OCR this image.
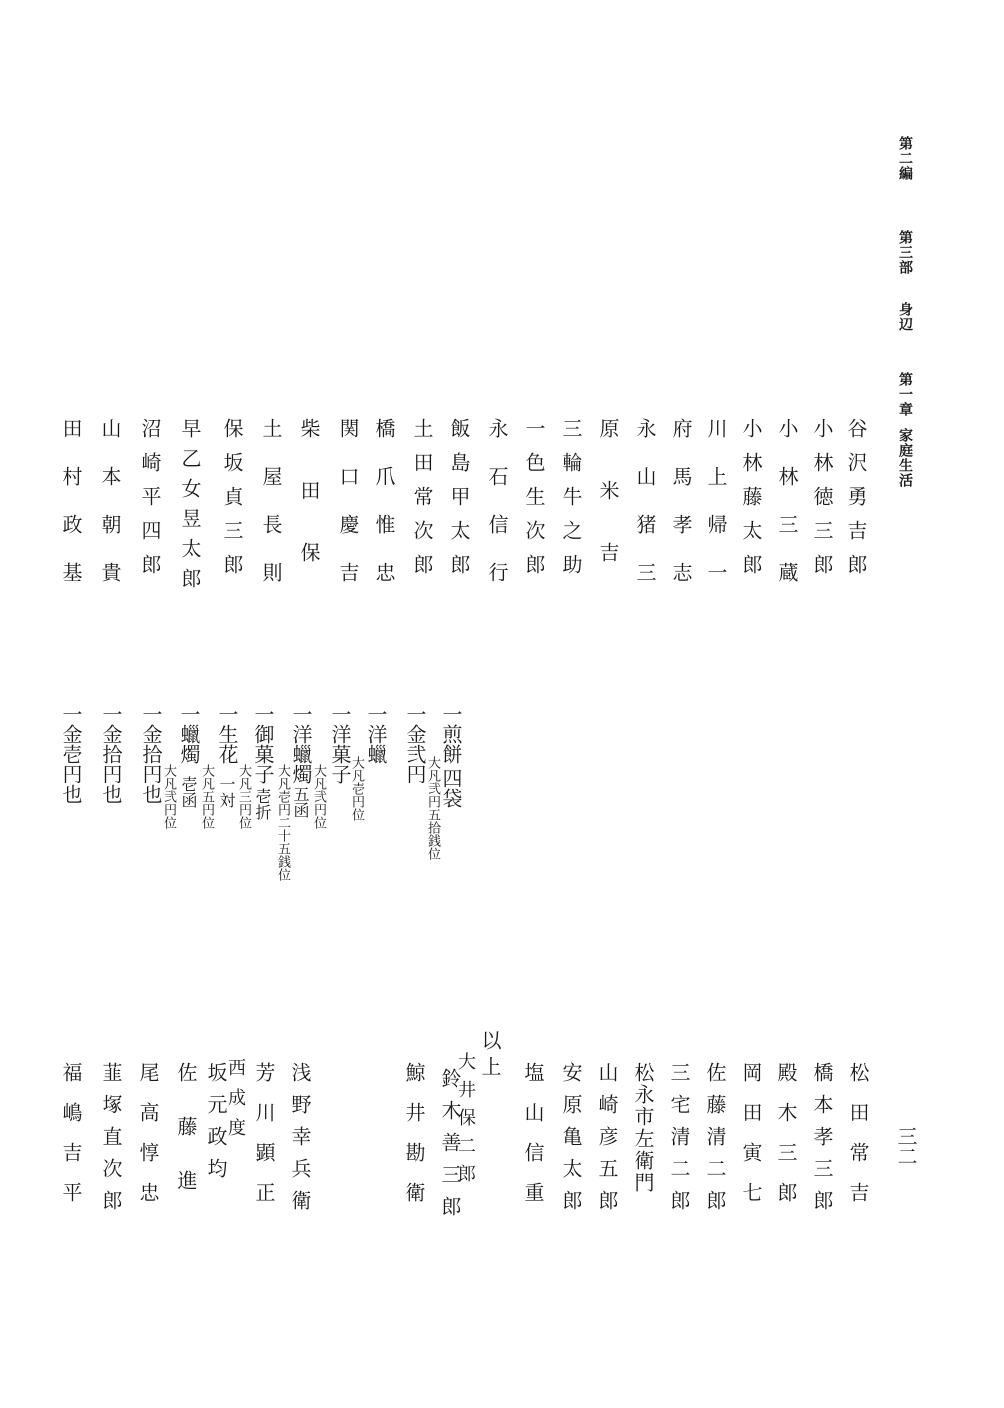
第二編
第三部
身辺
第一章
家庭生活
三二
谷沢勇吉郎
小林徳三郎
小林三蔵
小林藤太郎
川上帰一
府馬孝志
永山猪三
原米吉
三輪牛之助
一色生次郎
永石信行
飯島甲太郎
土田常次郎
橋爪惟忠
関口慶吉
柴田保
土屋長則
保坂貞三郎
早乙女昱太郎
沼崎平四郎
山本朝貴
田村政基
一煎餅
四袋
大凡弐円五拾銭位
一金弐円
一洋蠟
大凡壱円位
一洋菓子
大凡弐円位
一洋蠟燭
五函
大凡壱円二十五銭位
一御菓子
壱折
大凡三円位
一生花
一対
大凡五円位
一蠟燭
壱函
大凡弐円位
一金拾円也
一金拾円也
一金壱円也
以上
松田常吉
橋本孝三郎
殿木三郎
岡田寅七
佐藤清二郎
三宅清二郎
松永市左衛門
山崎彦五郎
安原亀太郎
塩山信重
鈴木善三郎
大井保二郎
鯨井勘衛
浅野幸兵衛
芳川顕正
西成度
坂元政均
佐藤進
尾高惇忠
韮塚直次郎
福嶋吉平
